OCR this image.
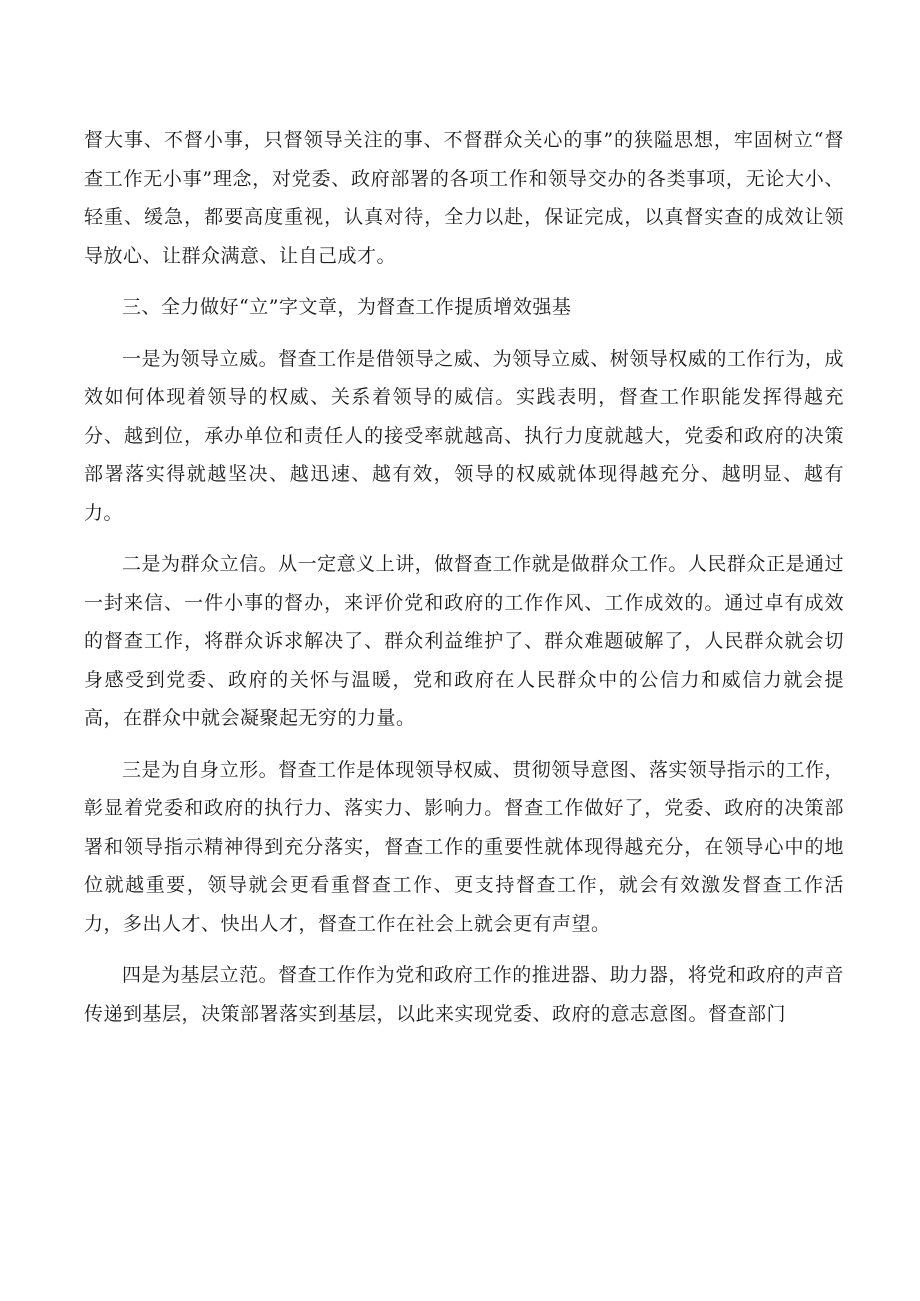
督大事、不督小事，只督领导关注的事、不督群众关心的事”的狭隘思想，牢固树立“督查工作无小事”理念，对党委、政府部署的各项工作和领导交办的各类事项，无论大小、轻重、缓急，都要高度重视，认真对待，全力以赴，保证完成，以真督实查的成效让领导放心、让群众满意、让自己成才。

三、全力做好“立”字文章，为督查工作提质增效强基

一是为领导立威。督查工作是借领导之威、为领导立威、树领导权威的工作行为，成效如何体现着领导的权威、关系着领导的威信。实践表明，督查工作职能发挥得越充分、越到位，承办单位和责任人的接受率就越高、执行力度就越大，党委和政府的决策部署落实得就越坚决、越迅速、越有效，领导的权威就体现得越充分、越明显、越有力。

二是为群众立信。从一定意义上讲，做督查工作就是做群众工作。人民群众正是通过一封来信、一件小事的督办，来评价党和政府的工作作风、工作成效的。通过卓有成效的督查工作，将群众诉求解决了、群众利益维护了、群众难题破解了，人民群众就会切身感受到党委、政府的关怀与温暖，党和政府在人民群众中的公信力和威信力就会提高，在群众中就会凝聚起无穷的力量。

三是为自身立形。督查工作是体现领导权威、贯彻领导意图、落实领导指示的工作，彰显着党委和政府的执行力、落实力、影响力。督查工作做好了，党委、政府的决策部署和领导指示精神得到充分落实，督查工作的重要性就体现得越充分，在领导心中的地位就越重要，领导就会更看重督查工作、更支持督查工作，就会有效激发督查工作活力，多出人才、快出人才，督查工作在社会上就会更有声望。

四是为基层立范。督查工作作为党和政府工作的推进器、助力器，将党和政府的声音传递到基层，决策部署落实到基层，以此来实现党委、政府的意志意图。督查部门
